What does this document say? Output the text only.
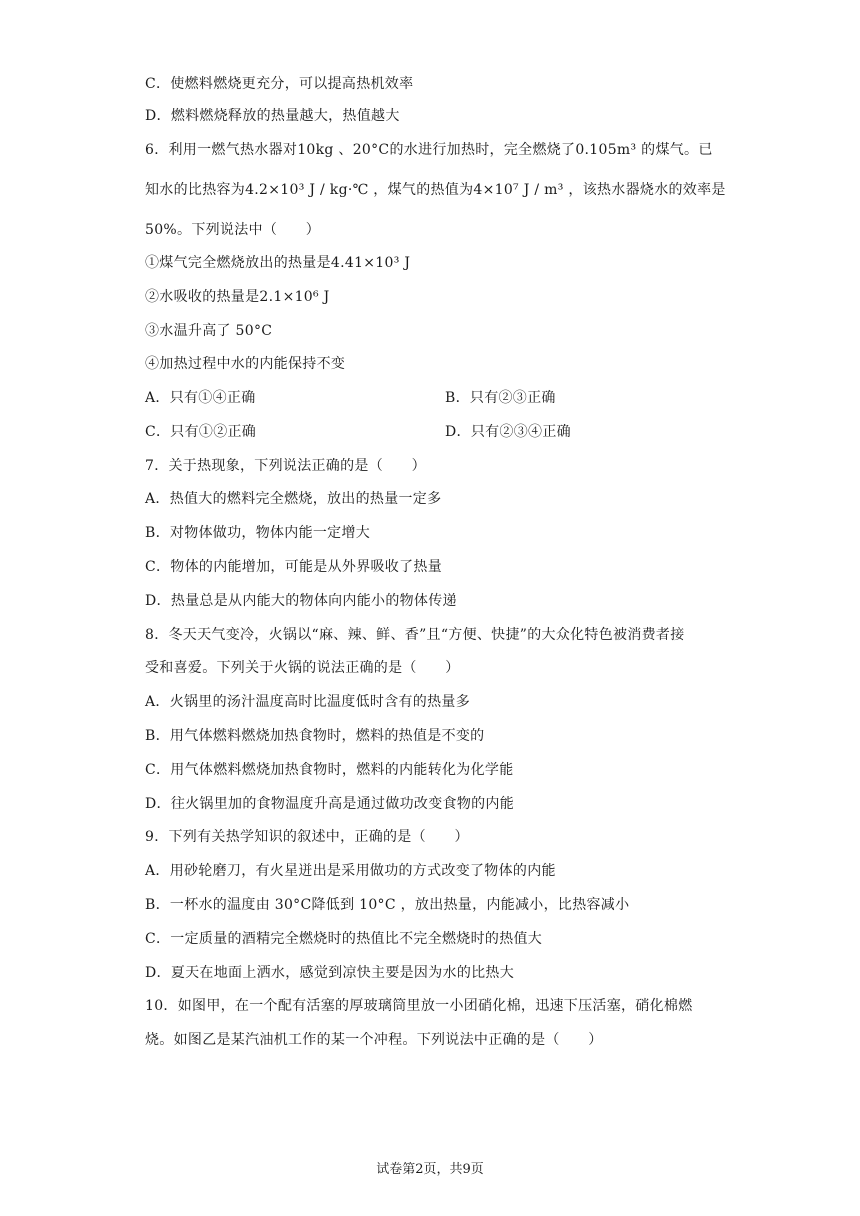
C．使燃料燃烧更充分，可以提高热机效率
D．燃料燃烧释放的热量越大，热值越大
6．利用一燃气热水器对10kg 、20°C的水进行加热时，完全燃烧了0.105m³ 的煤气。已
知水的比热容为4.2×10³ J / kg·℃ ，煤气的热值为4×10⁷ J / m³ ，该热水器烧水的效率是
50%。下列说法中（　　）
①煤气完全燃烧放出的热量是4.41×10³ J
②水吸收的热量是2.1×10⁶ J
③水温升高了 50°C
④加热过程中水的内能保持不变
A．只有①④正确	B．只有②③正确
C．只有①②正确	D．只有②③④正确
7．关于热现象，下列说法正确的是（　　）
A．热值大的燃料完全燃烧，放出的热量一定多
B．对物体做功，物体内能一定增大
C．物体的内能增加，可能是从外界吸收了热量
D．热量总是从内能大的物体向内能小的物体传递
8．冬天天气变冷，火锅以“麻、辣、鲜、香”且“方便、快捷”的大众化特色被消费者接
受和喜爱。下列关于火锅的说法正确的是（　　）
A．火锅里的汤汁温度高时比温度低时含有的热量多
B．用气体燃料燃烧加热食物时，燃料的热值是不变的
C．用气体燃料燃烧加热食物时，燃料的内能转化为化学能
D．往火锅里加的食物温度升高是通过做功改变食物的内能
9．下列有关热学知识的叙述中，正确的是（　　）
A．用砂轮磨刀，有火星迸出是采用做功的方式改变了物体的内能
B．一杯水的温度由 30°C降低到 10°C ，放出热量，内能减小，比热容减小
C．一定质量的酒精完全燃烧时的热值比不完全燃烧时的热值大
D．夏天在地面上洒水，感觉到凉快主要是因为水的比热大
10．如图甲，在一个配有活塞的厚玻璃筒里放一小团硝化棉，迅速下压活塞，硝化棉燃
烧。如图乙是某汽油机工作的某一个冲程。下列说法中正确的是（　　）
试卷第2页，共9页
